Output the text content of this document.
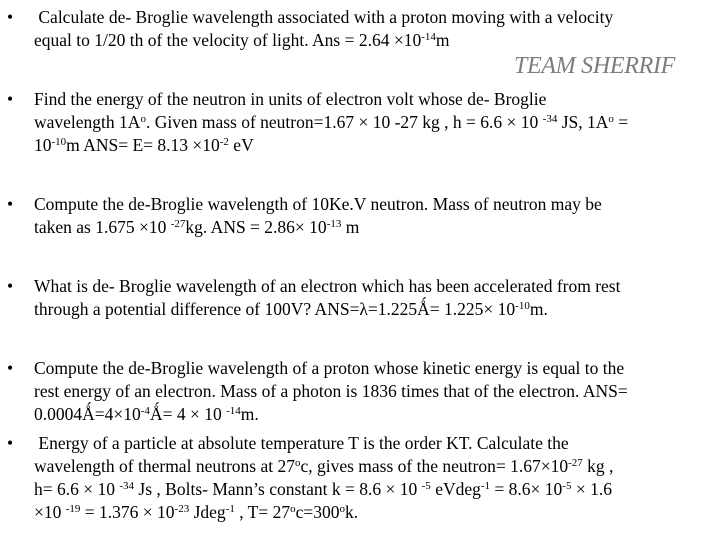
•	Calculate de- Broglie wavelength associated with a proton moving with a velocity
equal to 1/20 th of the velocity of light. Ans = $2.64 \times 10^{-14}m$
TEAM SHERRIF
•	Find the energy of the neutron in units of electron volt whose de- Broglie
wavelength $1A^o$. Given mass of neutron=1.67 × 10 -27 kg , h = 6.6 × 10 $^{-34}$ JS, $1A^o$ =
$10^{-10}m$ $ANS= E= 8.13 \times 10^{-2}$ eV
•	Compute the de-Broglie wavelength of 10Ke.V neutron. Mass of neutron may be
taken as 1.675 ×10 $^{-27}$kg. ANS = $2.86\times 10^{-13}$ m
•	What is de- Broglie wavelength of an electron which has been accelerated from rest
through a potential difference of 100V? ANS=λ=1.225Ǻ= $1.225\times 10^{-10}m$.
•	Compute the de-Broglie wavelength of a proton whose kinetic energy is equal to the
rest energy of an electron. Mass of a photon is 1836 times that of the electron. ANS=
$0.0004Ǻ=4\times 10^{-4}Ǻ= 4 \times 10$ $^{-14}$m.
•	Energy of a particle at absolute temperature T is the order KT. Calculate the
wavelength of thermal neutrons at 27$^o$c, gives mass of the neutron= $1.67\times 10^{-27}$ kg ,
h= 6.6 × 10 $^{-34}$ Js , Bolts- Mann’s constant k = 8.6 × 10 $^{-5}$ eVdeg$^{-1}$ = $8.6\times 10^{-5} \times 1.6$
×10 $^{-19} = 1.376 \times 10^{-23}$ Jdeg$^{-1}$ , $T= 27^oc=300^ok$.
